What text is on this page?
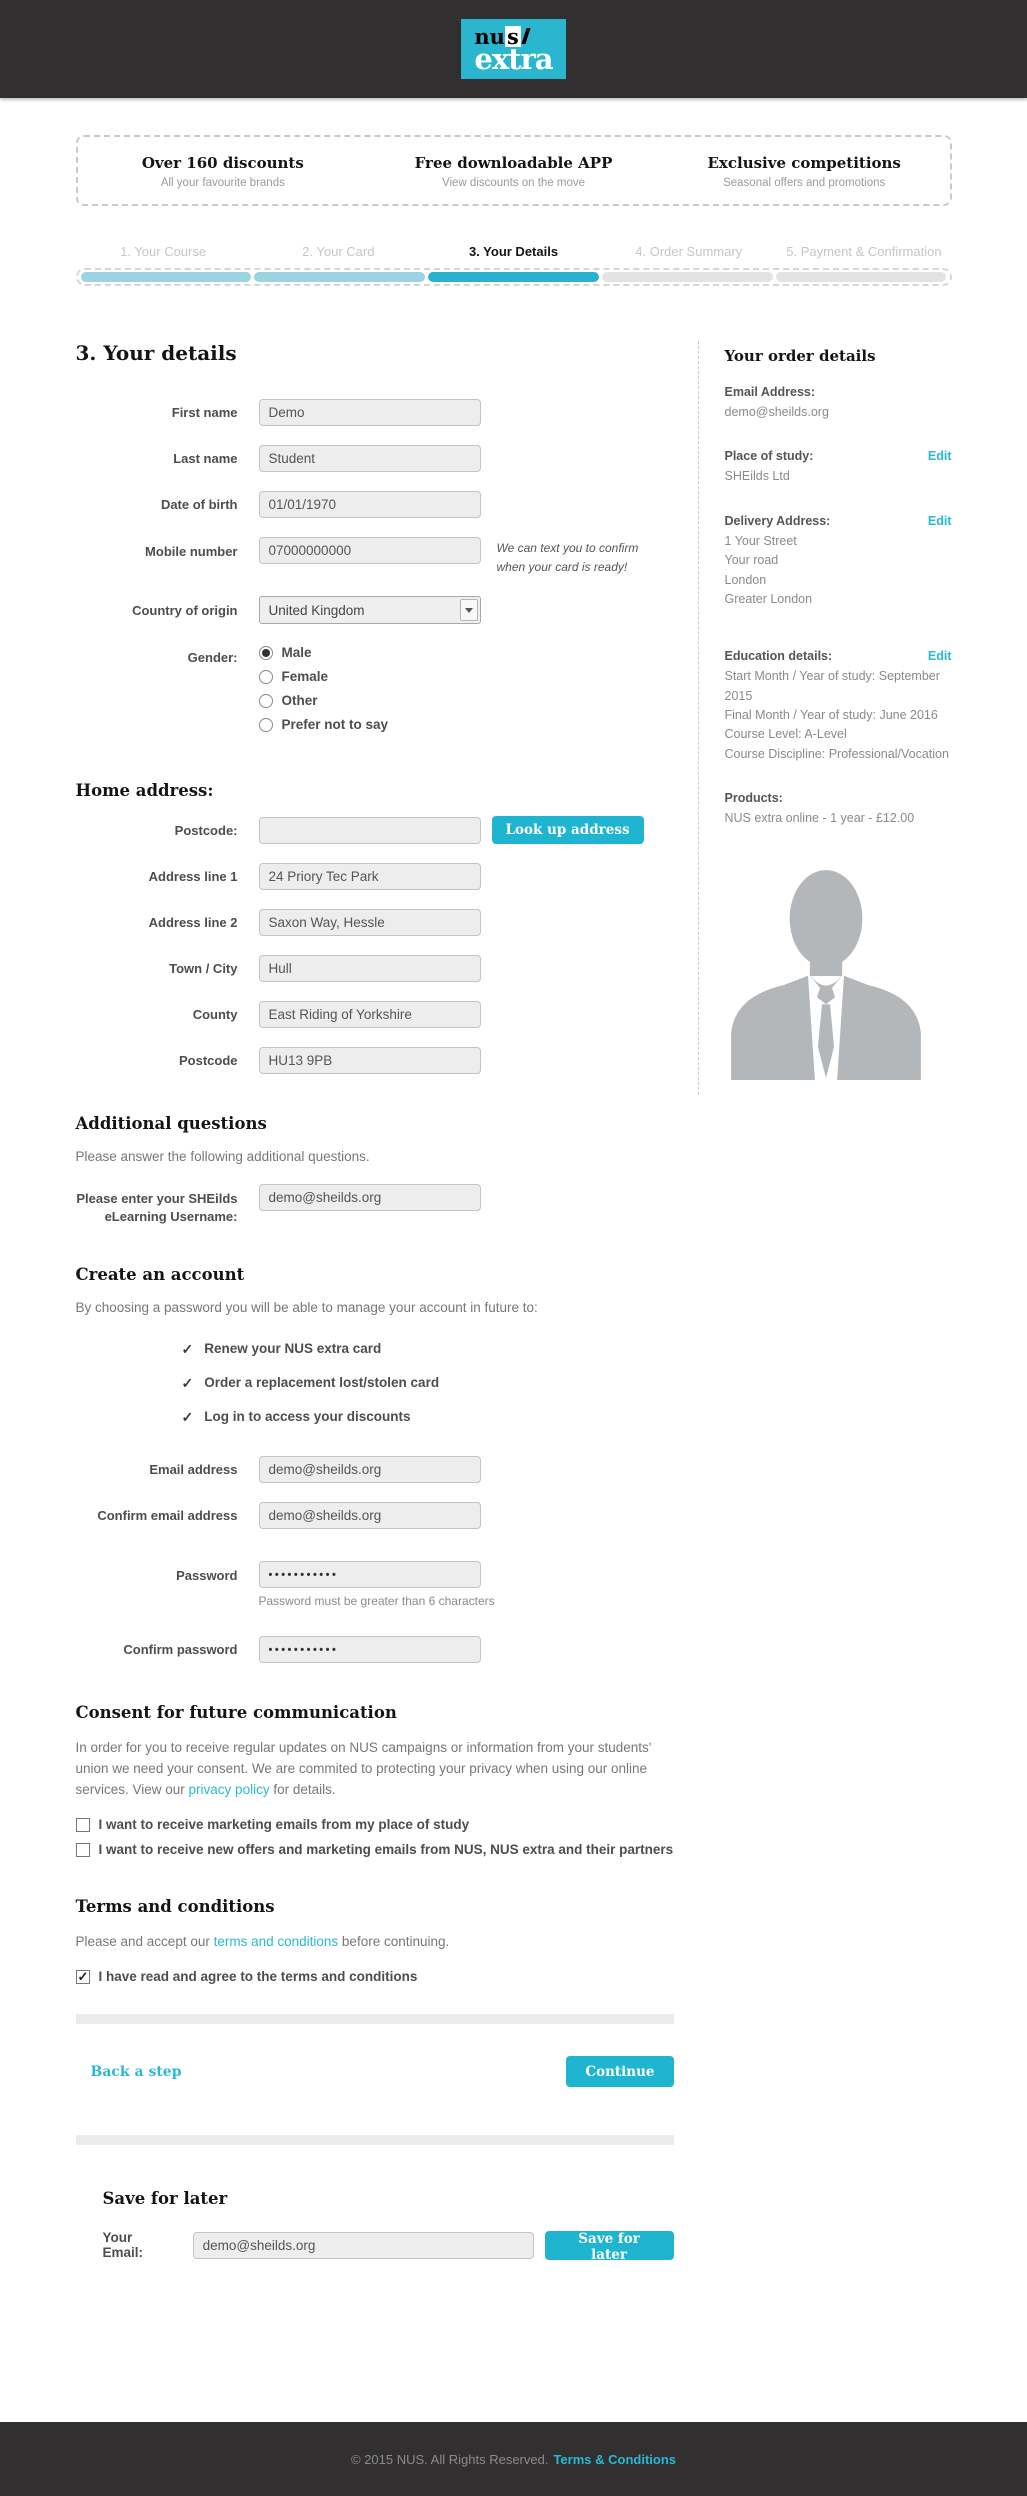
nus
extra
Over 160 discounts
All your favourite brands
Free downloadable APP
View discounts on the move
Exclusive competitions
Seasonal offers and promotions
1. Your Course	2. Your Card	3. Your Details	4. Order Summary	5. Payment & Confirmation
3. Your details
First name
Demo
Last name
Student
Date of birth
01/01/1970
Mobile number
07000000000	We can text you to confirm when your card is ready!
Country of origin	United Kingdom
Gender:	Male
Female
Other
Prefer not to say
Home address:
Postcode:	Look up address
Address line 1
24 Priory Tec Park
Address line 2
Saxon Way, Hessle
Town / City
Hull
County
East Riding of Yorkshire
Postcode
HU13 9PB
Additional questions

Please answer the following additional questions.

Please enter your SHEilds eLearning Username:
demo@sheilds.org
Create an account

By choosing a password you will be able to manage your account in future to:

✓ Renew your NUS extra card
✓ Order a replacement lost/stolen card
✓ Log in to access your discounts
Email address
demo@sheilds.org
Confirm email address
demo@sheilds.org
Password
•••••••••••
Password must be greater than 6 characters
Confirm password
•••••••••••
Consent for future communication

In order for you to receive regular updates on NUS campaigns or information from your students' union we need your consent. We are commited to protecting your privacy when using our online services. View our privacy policy for details.

I want to receive marketing emails from my place of study
I want to receive new offers and marketing emails from NUS, NUS extra and their partners
Terms and conditions

Please and accept our terms and conditions before continuing.

✓
I have read and agree to the terms and conditions
Back a step	Continue
Save for later
Your Email:
demo@sheilds.org
Save for later
Your order details
Email Address:
demo@sheilds.org
Place of study:	Edit
SHEilds Ltd
Delivery Address:	Edit
1 Your Street
Your road
London
Greater London
Education details:	Edit
Start Month / Year of study: September 2015
Final Month / Year of study: June 2016
Course Level: A-Level
Course Discipline: Professional/Vocation
Products:
NUS extra online - 1 year - £12.00
© 2015 NUS. All Rights Reserved. Terms & Conditions
